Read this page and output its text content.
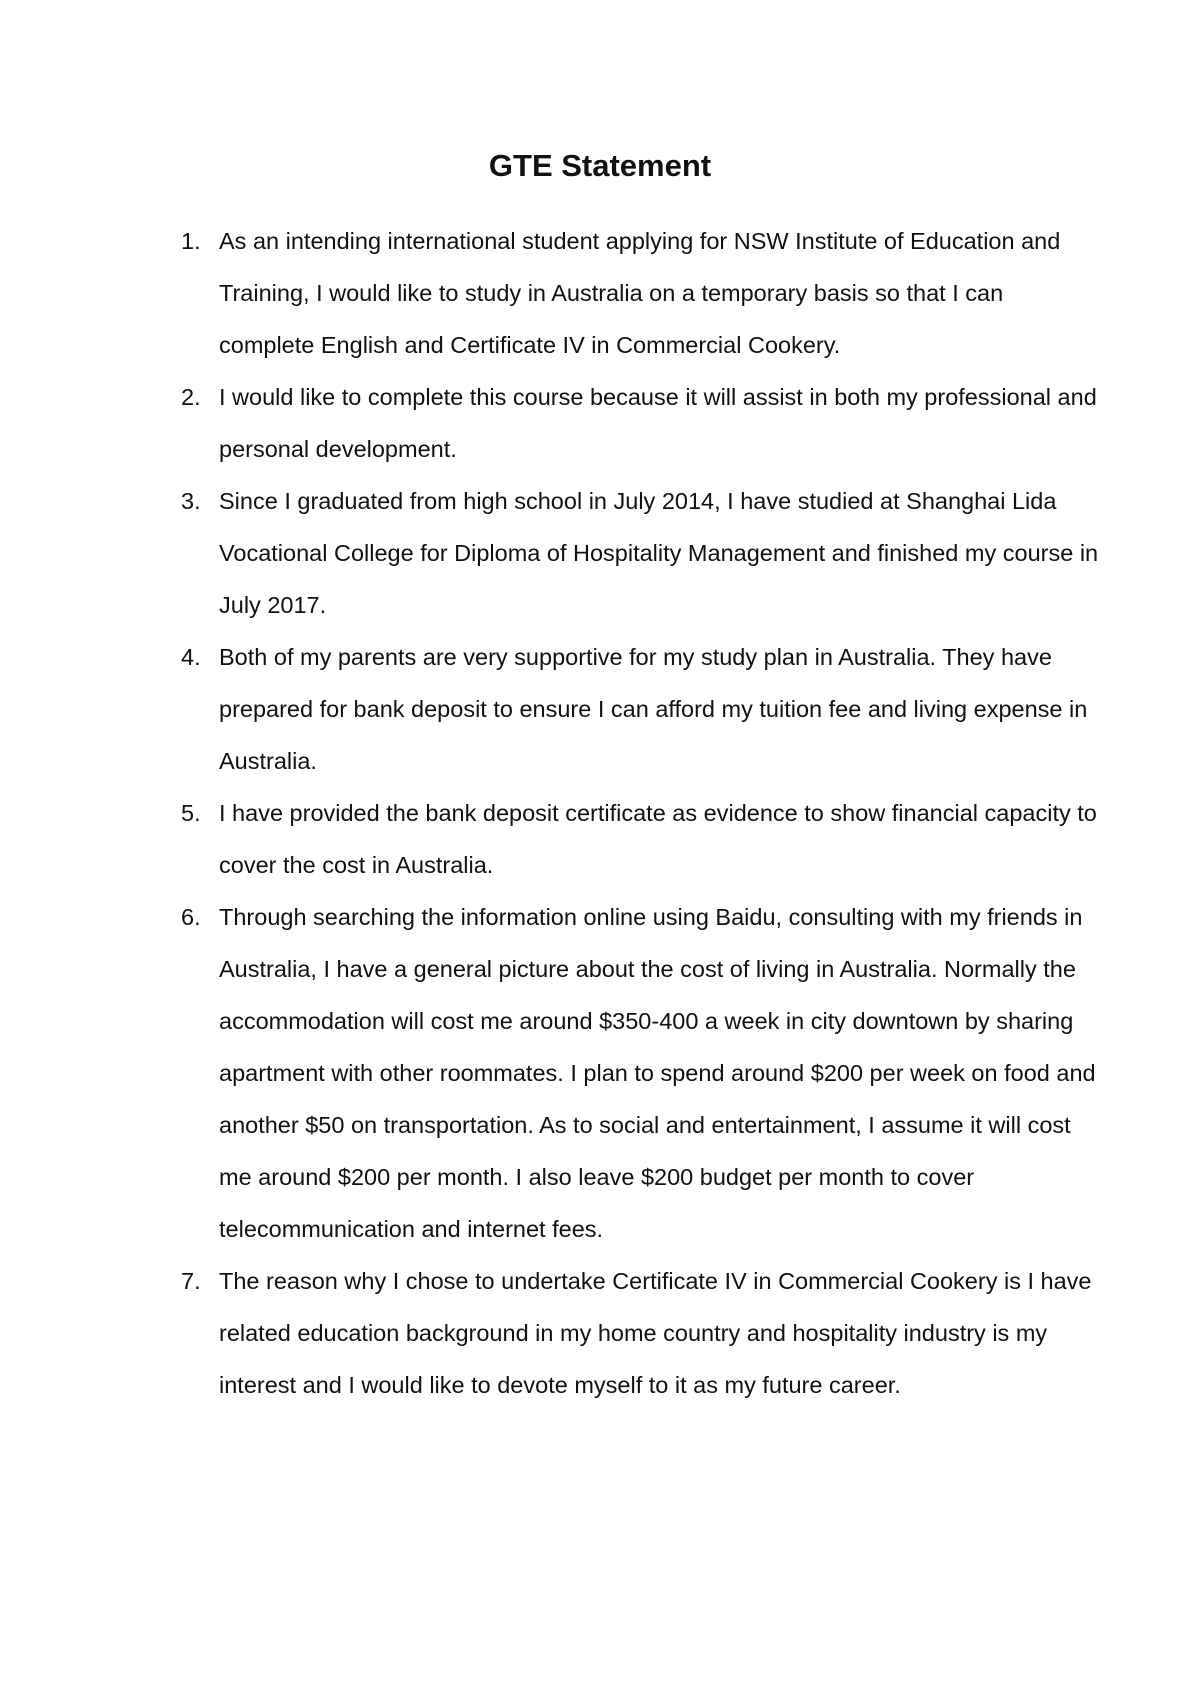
GTE Statement
1. As an intending international student applying for NSW Institute of Education and Training, I would like to study in Australia on a temporary basis so that I can complete English and Certificate IV in Commercial Cookery.
2. I would like to complete this course because it will assist in both my professional and personal development.
3. Since I graduated from high school in July 2014, I have studied at Shanghai Lida Vocational College for Diploma of Hospitality Management and finished my course in July 2017.
4. Both of my parents are very supportive for my study plan in Australia. They have prepared for bank deposit to ensure I can afford my tuition fee and living expense in Australia.
5. I have provided the bank deposit certificate as evidence to show financial capacity to cover the cost in Australia.
6. Through searching the information online using Baidu, consulting with my friends in Australia, I have a general picture about the cost of living in Australia. Normally the accommodation will cost me around $350-400 a week in city downtown by sharing apartment with other roommates. I plan to spend around $200 per week on food and another $50 on transportation. As to social and entertainment, I assume it will cost me around $200 per month. I also leave $200 budget per month to cover telecommunication and internet fees.
7. The reason why I chose to undertake Certificate IV in Commercial Cookery is I have related education background in my home country and hospitality industry is my interest and I would like to devote myself to it as my future career.
